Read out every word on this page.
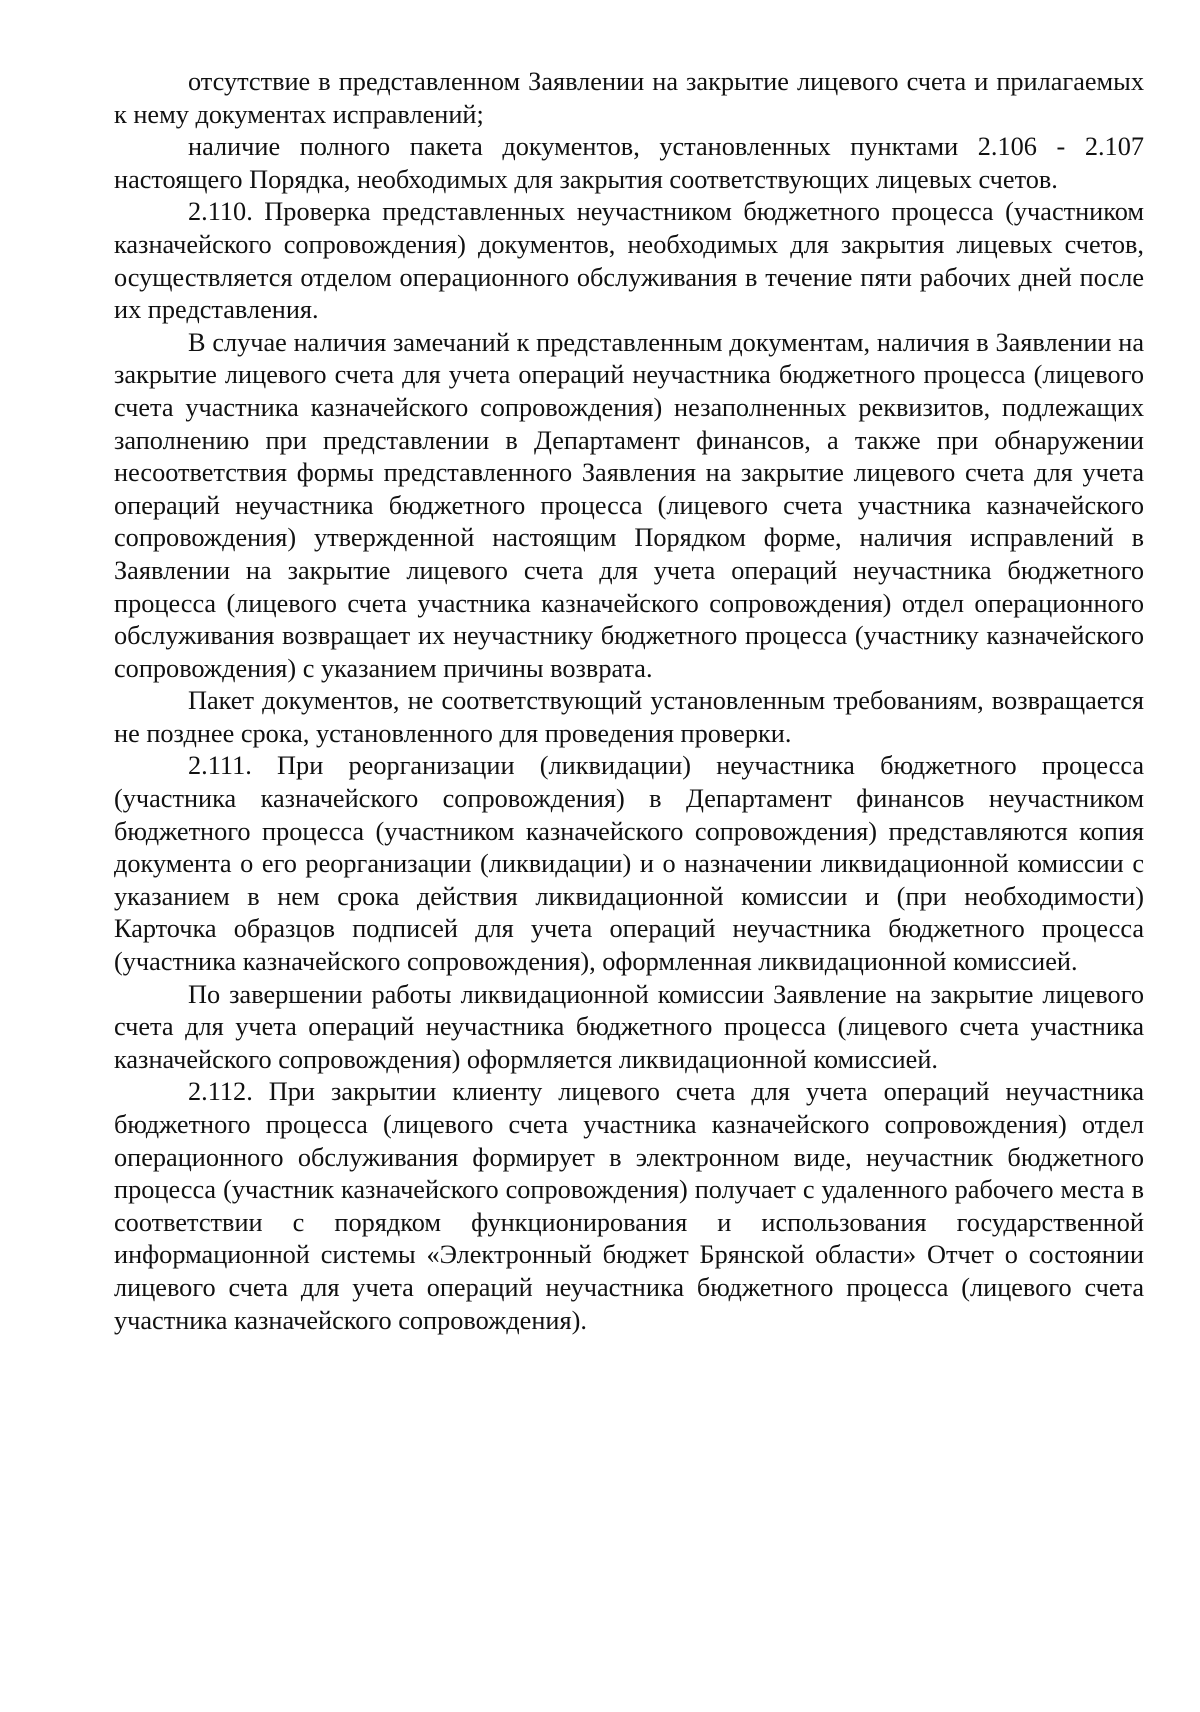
отсутствие в представленном Заявлении на закрытие лицевого счета и прилагаемых к нему документах исправлений;

наличие полного пакета документов, установленных пунктами 2.106 - 2.107 настоящего Порядка, необходимых для закрытия соответствующих лицевых счетов.

2.110. Проверка представленных неучастником бюджетного процесса (участником казначейского сопровождения) документов, необходимых для закрытия лицевых счетов, осуществляется отделом операционного обслуживания в течение пяти рабочих дней после их представления.

В случае наличия замечаний к представленным документам, наличия в Заявлении на закрытие лицевого счета для учета операций неучастника бюджетного процесса (лицевого счета участника казначейского сопровождения) незаполненных реквизитов, подлежащих заполнению при представлении в Департамент финансов, а также при обнаружении несоответствия формы представленного Заявления на закрытие лицевого счета для учета операций неучастника бюджетного процесса (лицевого счета участника казначейского сопровождения) утвержденной настоящим Порядком форме, наличия исправлений в Заявлении на закрытие лицевого счета для учета операций неучастника бюджетного процесса (лицевого счета участника казначейского сопровождения) отдел операционного обслуживания возвращает их неучастнику бюджетного процесса (участнику казначейского сопровождения) с указанием причины возврата.

Пакет документов, не соответствующий установленным требованиям, возвращается не позднее срока, установленного для проведения проверки.

2.111. При реорганизации (ликвидации) неучастника бюджетного процесса (участника казначейского сопровождения) в Департамент финансов неучастником бюджетного процесса (участником казначейского сопровождения) представляются копия документа о его реорганизации (ликвидации) и о назначении ликвидационной комиссии с указанием в нем срока действия ликвидационной комиссии и (при необходимости) Карточка образцов подписей для учета операций неучастника бюджетного процесса (участника казначейского сопровождения), оформленная ликвидационной комиссией.

По завершении работы ликвидационной комиссии Заявление на закрытие лицевого счета для учета операций неучастника бюджетного процесса (лицевого счета участника казначейского сопровождения) оформляется ликвидационной комиссией.

2.112. При закрытии клиенту лицевого счета для учета операций неучастника бюджетного процесса (лицевого счета участника казначейского сопровождения) отдел операционного обслуживания формирует в электронном виде, неучастник бюджетного процесса (участник казначейского сопровождения) получает с удаленного рабочего места в соответствии с порядком функционирования и использования государственной информационной системы «Электронный бюджет Брянской области» Отчет о состоянии лицевого счета для учета операций неучастника бюджетного процесса (лицевого счета участника казначейского сопровождения).
